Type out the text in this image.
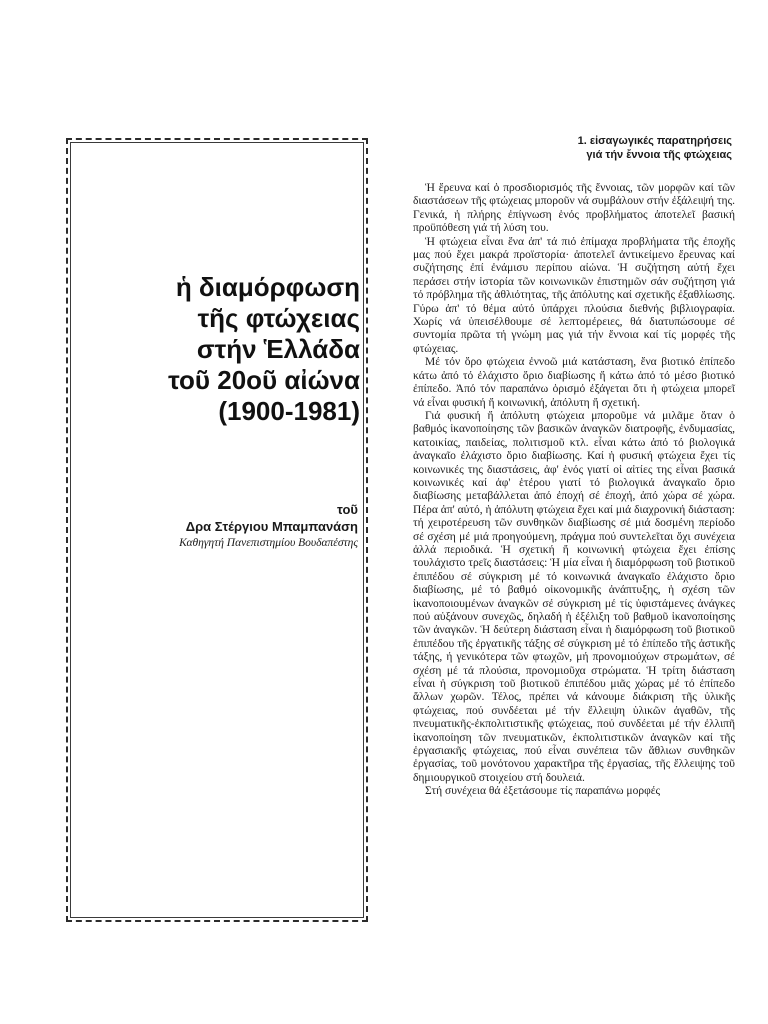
ἡ διαμόρφωση
τῆς φτώχειας
στήν Ἑλλάδα
τοῦ 20οῦ αἰώνα
(1900-1981)
τοῦ
Δρα Στέργιου Μπαμπανάση
Καθηγητή Πανεπιστημίου Βουδαπέστης
1. εἰσαγωγικές παρατηρήσεις
γιά τήν ἔννοια τῆς φτώχειας

Ἡ ἔρευνα καί ὁ προσδιορισμός τῆς ἔννοιας, τῶν μορφῶν καί τῶν διαστάσεων τῆς φτώχειας μποροῦν νά συμβάλουν στήν ἐξάλειψή της. Γενικά, ἡ πλήρης ἐπίγνωση ἑνός προβλήματος ἀποτελεῖ βασική προϋπόθεση γιά τή λύση του.

Ἡ φτώχεια εἶναι ἕνα ἀπ' τά πιό ἐπίμαχα προβλήματα τῆς ἐποχῆς μας πού ἔχει μακρά προϊστορία· ἀποτελεῖ ἀντικείμενο ἔρευνας καί συζήτησης ἐπί ἐνάμισυ περίπου αἰώνα. Ἡ συζήτηση αὐτή ἔχει περάσει στήν ἱστορία τῶν κοινωνικῶν ἐπιστημῶν σάν συζήτηση γιά τό πρόβλημα τῆς ἀθλιότητας, τῆς ἀπόλυτης καί σχετικῆς ἐξαθλίωσης. Γύρω ἀπ' τό θέμα αὐτό ὑπάρχει πλούσια διεθνής βιβλιογραφία. Χωρίς νά ὑπεισέλθουμε σέ λεπτομέρειες, θά διατυπώσουμε σέ συντομία πρῶτα τή γνώμη μας γιά τήν ἔννοια καί τίς μορφές τῆς φτώχειας.

Μέ τόν ὅρο φτώχεια ἐννοῶ μιά κατάσταση, ἕνα βιοτικό ἐπίπεδο κάτω ἀπό τό ἐλάχιστο ὅριο διαβίωσης ἤ κάτω ἀπό τό μέσο βιοτικό ἐπίπεδο. Ἀπό τόν παραπάνω ὁρισμό ἐξάγεται ὅτι ἡ φτώχεια μπορεῖ νά εἶναι φυσική ἤ κοινωνική, ἀπόλυτη ἤ σχετική.

Γιά φυσική ἤ ἀπόλυτη φτώχεια μποροῦμε νά μιλᾶμε ὅταν ὁ βαθμός ἱκανοποίησης τῶν βασικῶν ἀναγκῶν διατροφῆς, ἐνδυμασίας, κατοικίας, παιδείας, πολιτισμοῦ κτλ. εἶναι κάτω ἀπό τό βιολογικά ἀναγκαῖο ἐλάχιστο ὅριο διαβίωσης. Καί ἡ φυσική φτώχεια ἔχει τίς κοινωνικές της διαστάσεις, ἀφ' ἑνός γιατί οἱ αἰτίες της εἶναι βασικά κοινωνικές καί ἀφ' ἑτέρου γιατί τό βιολογικά ἀναγκαῖο ὅριο διαβίωσης μεταβάλλεται ἀπό ἐποχή σέ ἐποχή, ἀπό χώρα σέ χώρα. Πέρα ἀπ' αὐτό, ἡ ἀπόλυτη φτώχεια ἔχει καί μιά διαχρονική διάσταση: τή χειροτέρευση τῶν συνθηκῶν διαβίωσης σέ μιά δοσμένη περίοδο σέ σχέση μέ μιά προηγούμενη, πράγμα πού συντελεῖται ὄχι συνέχεια ἀλλά περιοδικά. Ἡ σχετική ἤ κοινωνική φτώχεια ἔχει ἐπίσης τουλάχιστο τρεῖς διαστάσεις: Ἡ μία εἶναι ἡ διαμόρφωση τοῦ βιοτικοῦ ἐπιπέδου σέ σύγκριση μέ τό κοινωνικά ἀναγκαῖο ἐλάχιστο ὅριο διαβίωσης, μέ τό βαθμό οἰκονομικῆς ἀνάπτυξης, ἡ σχέση τῶν ἱκανοποιουμένων ἀναγκῶν σέ σύγκριση μέ τίς ὑφιστάμενες ἀνάγκες πού αὐξάνουν συνεχῶς, δηλαδή ἡ ἐξέλιξη τοῦ βαθμοῦ ἱκανοποίησης τῶν ἀναγκῶν. Ἡ δεύτερη διάσταση εἶναι ἡ διαμόρφωση τοῦ βιοτικοῦ ἐπιπέδου τῆς ἐργατικῆς τάξης σέ σύγκριση μέ τό ἐπίπεδο τῆς ἀστικῆς τάξης, ή γενικότερα τῶν φτωχῶν, μή προνομιούχων στρωμάτων, σέ σχέση μέ τά πλούσια, προνομιοῦχα στρώματα. Ἡ τρίτη διάσταση εἶναι ἡ σύγκριση τοῦ βιοτικοῦ ἐπιπέδου μιᾶς χώρας μέ τό ἐπίπεδο ἄλλων χωρῶν. Τέλος, πρέπει νά κάνουμε διάκριση τῆς ὑλικῆς φτώχειας, πού συνδέεται μέ τήν ἔλλειψη ὑλικῶν ἀγαθῶν, τῆς πνευματικῆς-ἐκπολιτιστικῆς φτώχειας, πού συνδέεται μέ τήν ἐλλιπῆ ἱκανοποίηση τῶν πνευματικῶν, ἐκπολιτιστικῶν ἀναγκῶν καί τῆς ἐργασιακῆς φτώχειας, πού εἶναι συνέπεια τῶν ἄθλιων συνθηκῶν ἐργασίας, τοῦ μονότονου χαρακτῆρα τῆς ἐργασίας, τῆς ἔλλειψης τοῦ δημιουργικοῦ στοιχείου στή δουλειά.

Στή συνέχεια θά ἐξετάσουμε τίς παραπάνω μορφές
